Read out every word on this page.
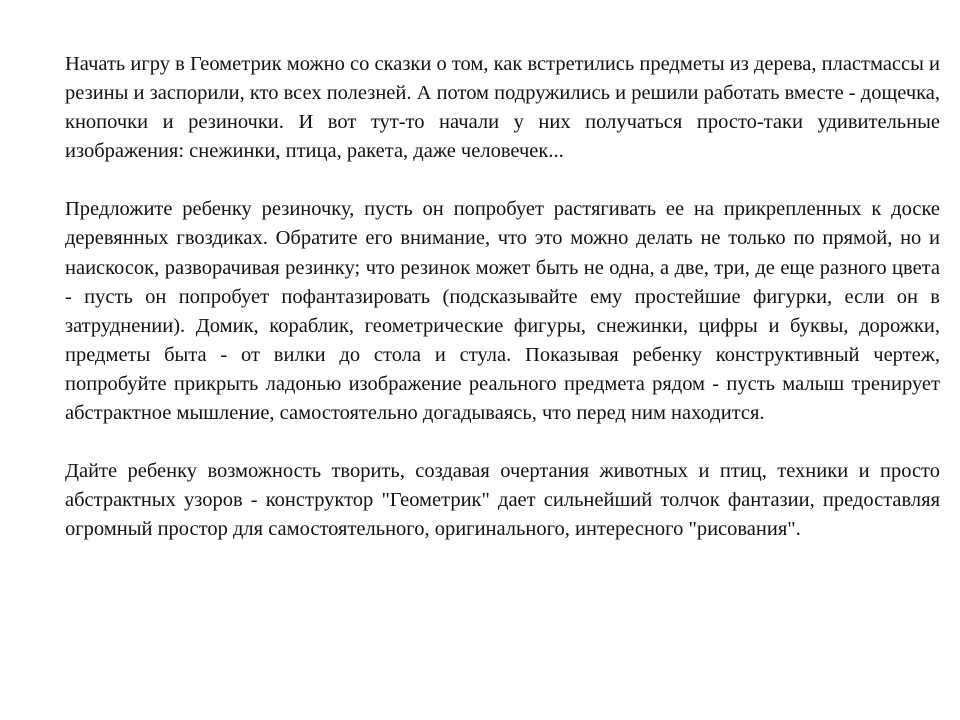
Начать игру в Геометрик можно со сказки о том, как встретились предметы из дерева, пластмассы и резины и заспорили, кто всех полезней. А потом подружились и решили работать вместе - дощечка, кнопочки и резиночки. И вот тут-то начали у них получаться просто-таки удивительные изображения: снежинки, птица, ракета, даже человечек...

Предложите ребенку резиночку, пусть он попробует растягивать ее на прикрепленных к доске деревянных гвоздиках. Обратите его внимание, что это можно делать не только по прямой, но и наискосок, разворачивая резинку; что резинок может быть не одна, а две, три, де еще разного цвета - пусть он попробует пофантазировать (подсказывайте ему простейшие фигурки, если он в затруднении). Домик, кораблик, геометрические фигуры, снежинки, цифры и буквы, дорожки, предметы быта - от вилки до стола и стула. Показывая ребенку конструктивный чертеж, попробуйте прикрыть ладонью изображение реального предмета рядом - пусть малыш тренирует абстрактное мышление, самостоятельно догадываясь, что перед ним находится.

Дайте ребенку возможность творить, создавая очертания животных и птиц, техники и просто абстрактных узоров - конструктор "Геометрик" дает сильнейший толчок фантазии, предоставляя огромный простор для самостоятельного, оригинального, интересного "рисования".
